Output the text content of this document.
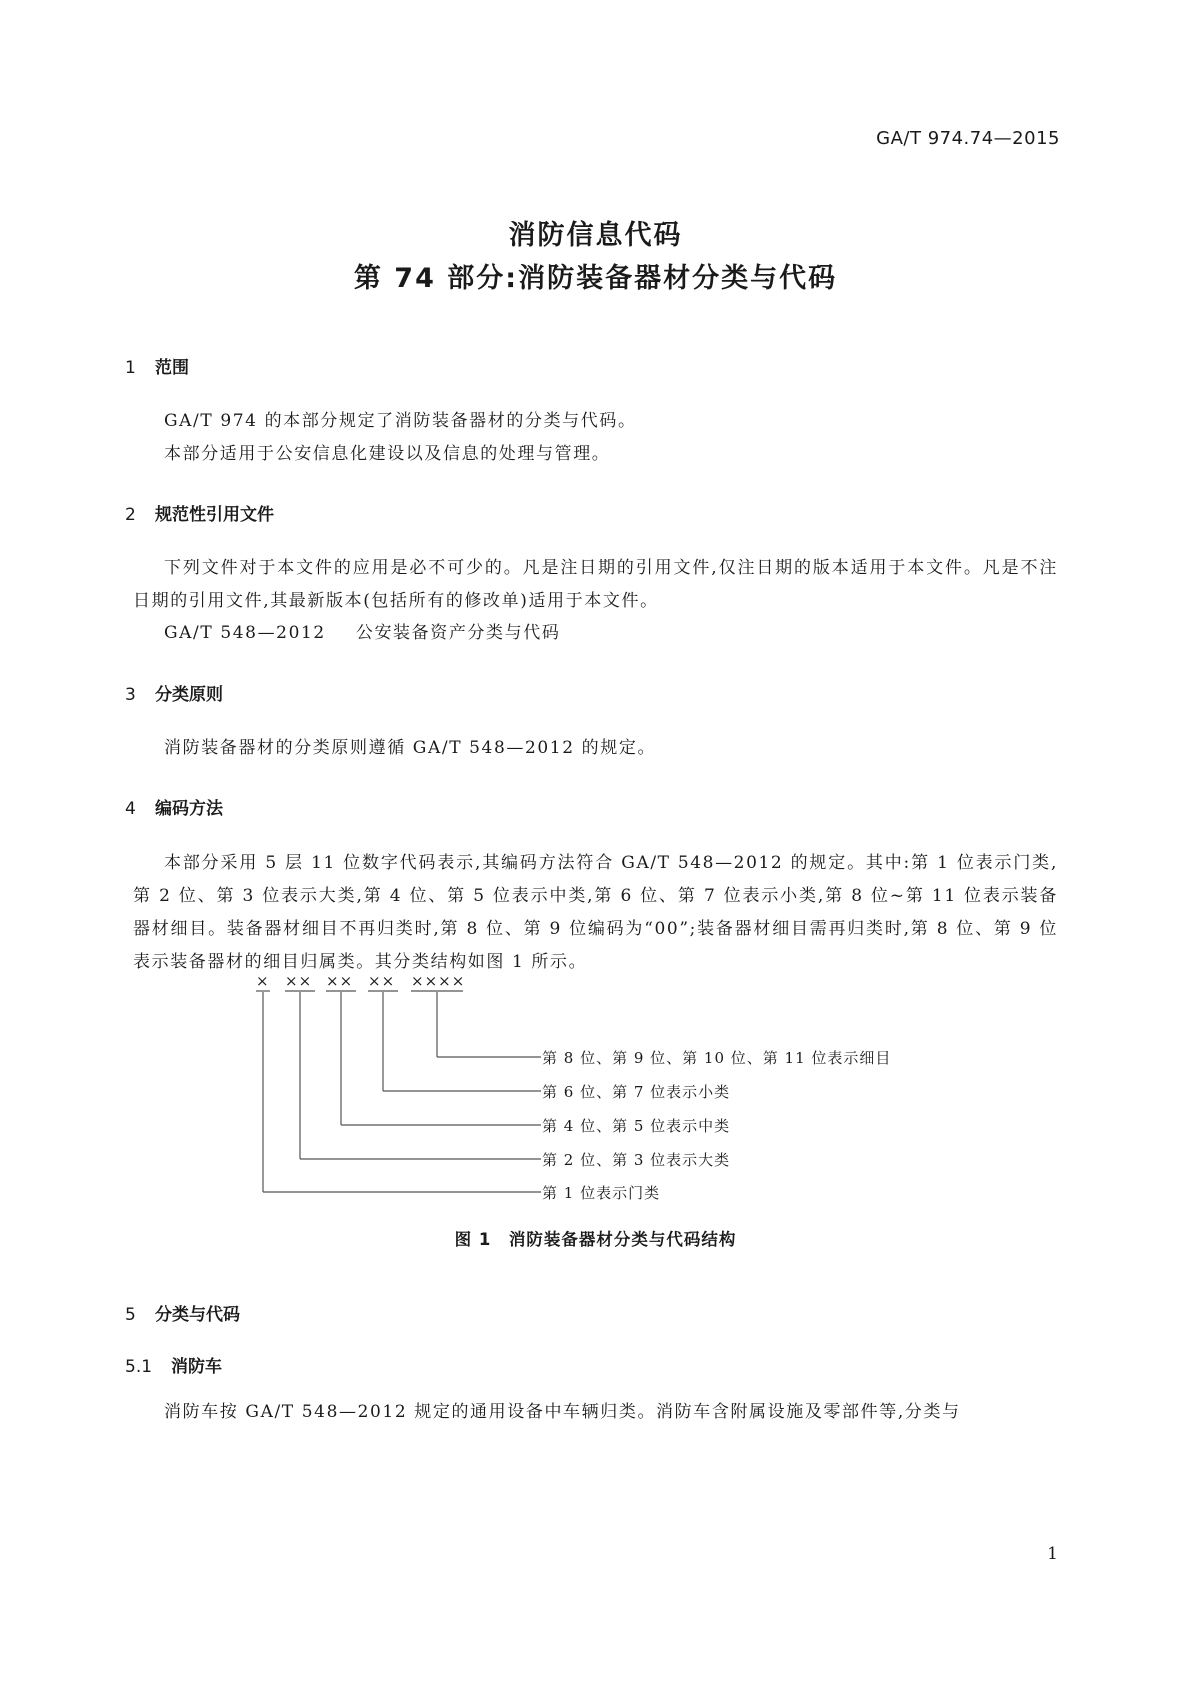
GA/T 974.74—2015
消防信息代码
第 74 部分:消防装备器材分类与代码
1 范围
GA/T 974 的本部分规定了消防装备器材的分类与代码。
本部分适用于公安信息化建设以及信息的处理与管理。
2 规范性引用文件
下列文件对于本文件的应用是必不可少的。凡是注日期的引用文件,仅注日期的版本适用于本文件。凡是不注日期的引用文件,其最新版本(包括所有的修改单)适用于本文件。
GA/T 548—2012 公安装备资产分类与代码
3 分类原则
消防装备器材的分类原则遵循 GA/T 548—2012 的规定。
4 编码方法
本部分采用 5 层 11 位数字代码表示,其编码方法符合 GA/T 548—2012 的规定。其中:第 1 位表示门类,第 2 位、第 3 位表示大类,第 4 位、第 5 位表示中类,第 6 位、第 7 位表示小类,第 8 位~第 11 位表示装备器材细目。装备器材细目不再归类时,第 8 位、第 9 位编码为“00”;装备器材细目需再归类时,第 8 位、第 9 位表示装备器材的细目归属类。其分类结构如图 1 所示。
× ×× ×× ×× ××××
第 8 位、第 9 位、第 10 位、第 11 位表示细目
第 6 位、第 7 位表示小类
第 4 位、第 5 位表示中类
第 2 位、第 3 位表示大类
第 1 位表示门类
图 1　消防装备器材分类与代码结构
5 分类与代码
5.1 消防车
消防车按 GA/T 548—2012 规定的通用设备中车辆归类。消防车含附属设施及零部件等,分类与
1
